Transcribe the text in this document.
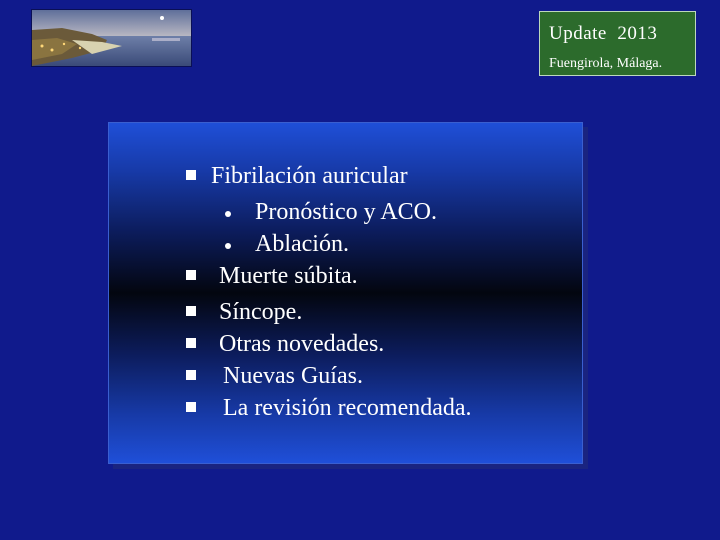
Update  2013
Fuengirola, Málaga.
Fibrilación auricular
Pronóstico y ACO.
Ablación.
Muerte súbita.
Síncope.
Otras novedades.
Nuevas Guías.
La revisión recomendada.
